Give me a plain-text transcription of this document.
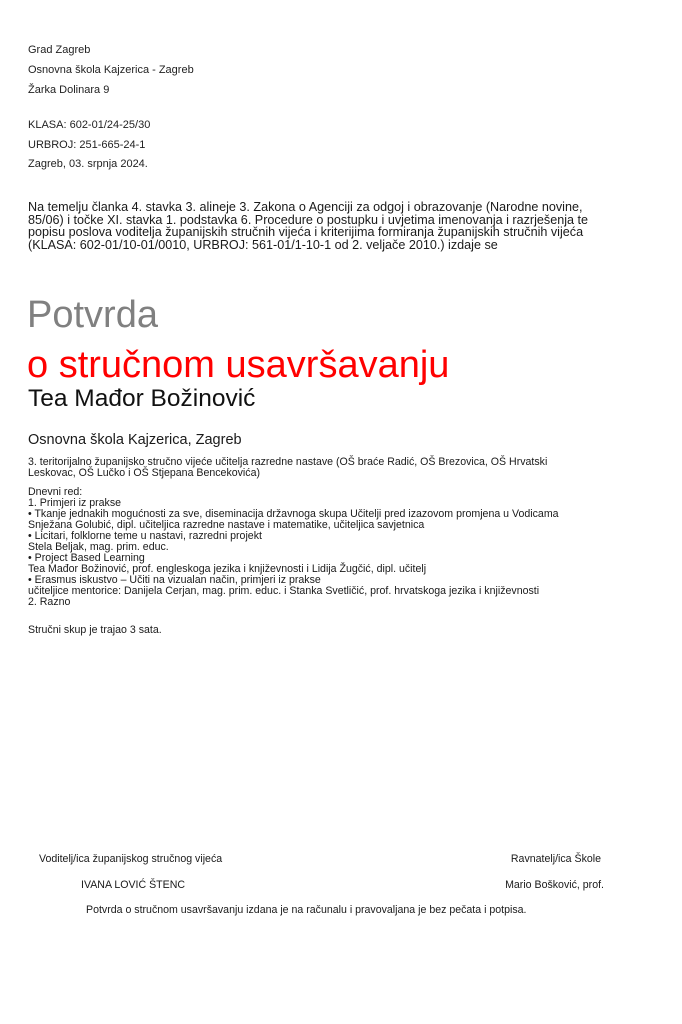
Grad Zagreb
Osnovna škola Kajzerica - Zagreb
Žarka Dolinara 9
KLASA: 602-01/24-25/30
URBROJ: 251-665-24-1
Zagreb, 03. srpnja 2024.
Na temelju članka 4. stavka 3. alineje 3. Zakona o Agenciji za odgoj i obrazovanje (Narodne novine,
85/06) i točke XI. stavka 1. podstavka 6. Procedure o postupku i uvjetima imenovanja i razrješenja te
popisu poslova voditelja županijskih stručnih vijeća i kriterijima formiranja županijskih stručnih vijeća
(KLASA: 602-01/10-01/0010, URBROJ: 561-01/1-10-1 od 2. veljače 2010.) izdaje se
Potvrda
o stručnom usavršavanju
Tea Mađor Božinović
Osnovna škola Kajzerica, Zagreb
3. teritorijalno županijsko stručno vijeće učitelja razredne nastave (OŠ braće Radić, OŠ Brezovica, OŠ Hrvatski
Leskovac, OŠ Lučko i OŠ Stjepana Bencekovića)
Dnevni red:
1. Primjeri iz prakse
• Tkanje jednakih mogućnosti za sve, diseminacija državnoga skupa Učitelji pred izazovom promjena u Vodicama
Snježana Golubić, dipl. učiteljica razredne nastave i matematike, učiteljica savjetnica
• Licitari, folklorne teme u nastavi, razredni projekt
Stela Beljak, mag. prim. educ.
• Project Based Learning
Tea Mađor Božinović, prof. engleskoga jezika i književnosti i Lidija Žugčić, dipl. učitelj
• Erasmus iskustvo – Učiti na vizualan način, primjeri iz prakse
učiteljice mentorice: Danijela Cerjan, mag. prim. educ. i Stanka Svetličić, prof. hrvatskoga jezika i književnosti
2. Razno
Stručni skup je trajao 3 sata.
Voditelj/ica županijskog stručnog vijeća
IVANA LOVIĆ ŠTENC
Ravnatelj/ica Škole
Mario Bošković, prof.
Potvrda o stručnom usavršavanju izdana je na računalu i pravovaljana je bez pečata i potpisa.
